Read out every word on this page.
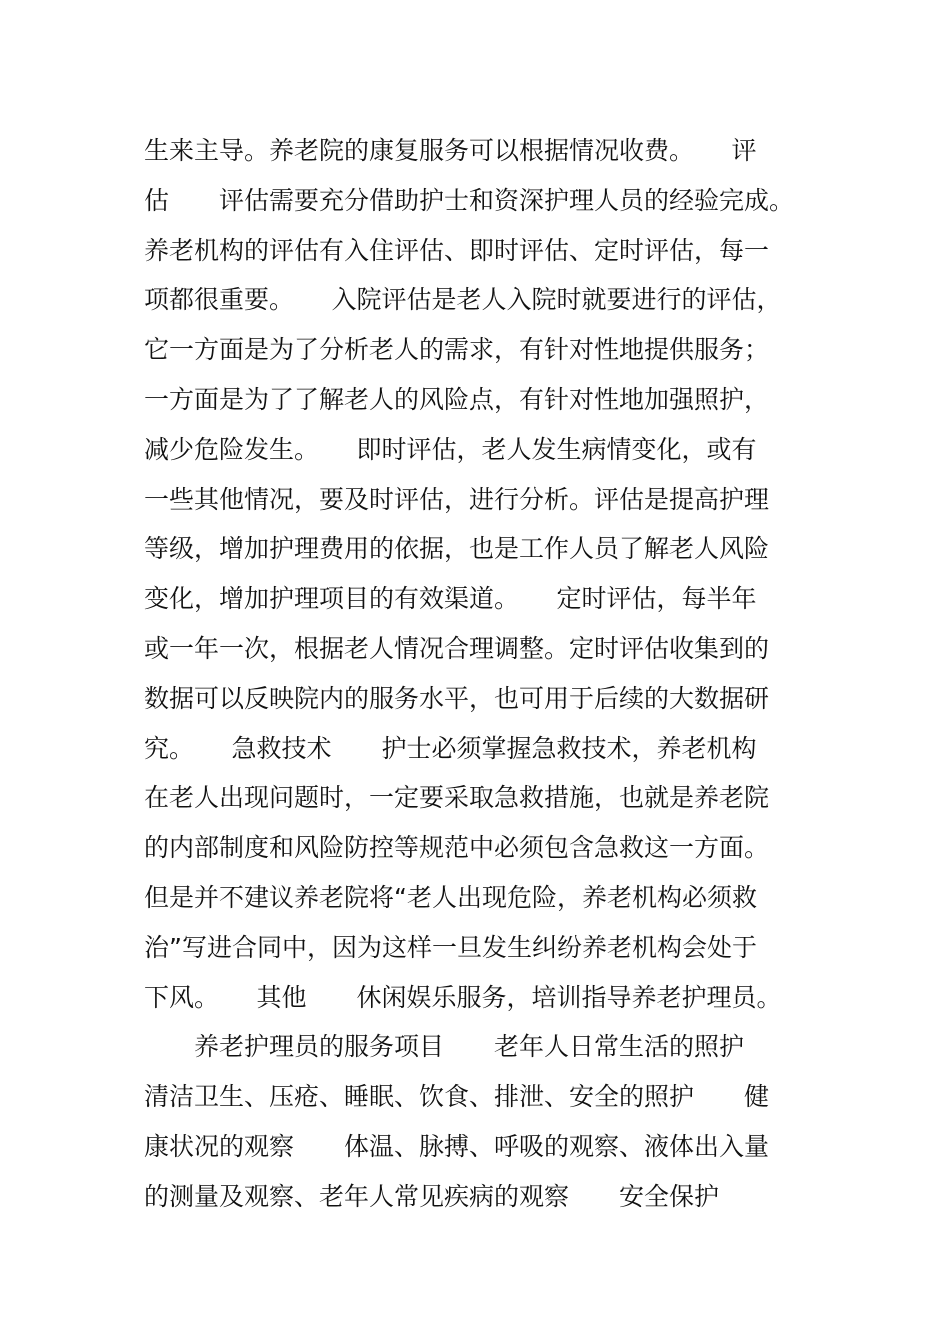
生来主导。养老院的康复服务可以根据情况收费。　　评
估　　评估需要充分借助护士和资深护理人员的经验完成。
养老机构的评估有入住评估、即时评估、定时评估，每一
项都很重要。　　入院评估是老人入院时就要进行的评估，
它一方面是为了分析老人的需求，有针对性地提供服务；
一方面是为了了解老人的风险点，有针对性地加强照护，
减少危险发生。　　即时评估，老人发生病情变化，或有
一些其他情况，要及时评估，进行分析。评估是提高护理
等级，增加护理费用的依据，也是工作人员了解老人风险
变化，增加护理项目的有效渠道。　　定时评估，每半年
或一年一次，根据老人情况合理调整。定时评估收集到的
数据可以反映院内的服务水平，也可用于后续的大数据研
究。　　急救技术　　护士必须掌握急救技术，养老机构
在老人出现问题时，一定要采取急救措施，也就是养老院
的内部制度和风险防控等规范中必须包含急救这一方面。
但是并不建议养老院将“老人出现危险，养老机构必须救
治”写进合同中，因为这样一旦发生纠纷养老机构会处于
下风。　　其他　　休闲娱乐服务，培训指导养老护理员。
　　养老护理员的服务项目　　老年人日常生活的照护
清洁卫生、压疮、睡眠、饮食、排泄、安全的照护　　健
康状况的观察　　体温、脉搏、呼吸的观察、液体出入量
的测量及观察、老年人常见疾病的观察　　安全保护
